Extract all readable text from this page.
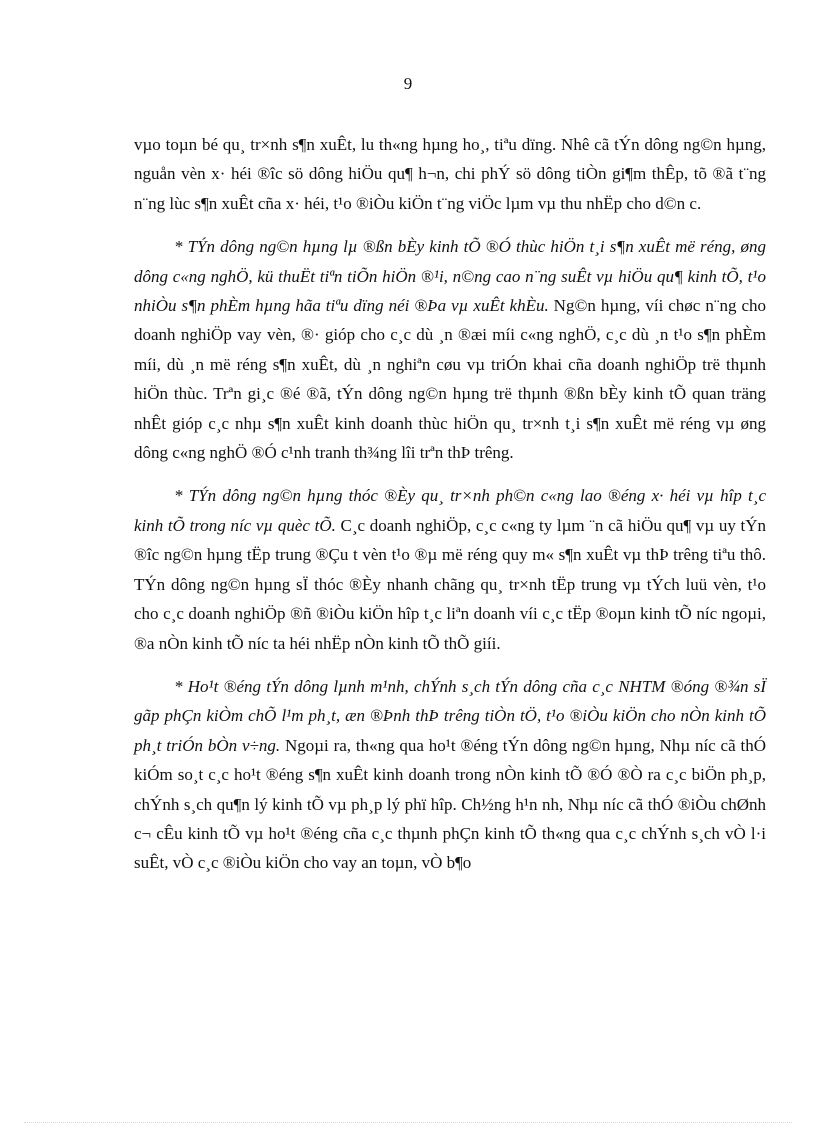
9

vµo toµn bé qu¸ tr×nh s¶n xuÊt, lu th«ng hµng ho¸, tiªu dïng. Nhê cã tÝn dông ng©n hµng, nguån vèn x· héi ®îc sö dông hiÖu qu¶ h¬n, chi phÝ sö dông tiÒn gi¶m thÊp, tõ ®ã t¨ng n¨ng lùc s¶n xuÊt cña x· héi, t¹o ®iÒu kiÖn t¨ng viÖc lµm vµ thu nhËp cho d©n c.

* TÝn dông ng©n hµng lµ ®ßn bÈy kinh tÕ ®Ó thùc hiÖn t¸i s¶n xuÊt më réng, øng dông c«ng nghÖ, kü thuËt tiªn tiÕn hiÖn ®¹i, n©ng cao n¨ng suÊt vµ hiÖu qu¶ kinh tÕ, t¹o nhiÒu s¶n phÈm hµng hãa tiªu dïng néi ®Þa vµ xuÊt khÈu. Ng©n hµng, víi chøc n¨ng cho doanh nghiÖp vay vèn, ®· gióp cho c¸c dù ¸n ®æi míi c«ng nghÖ, c¸c dù ¸n t¹o s¶n phÈm míi, dù ¸n më réng s¶n xuÊt, dù ¸n nghiªn cøu vµ triÓn khai cña doanh nghiÖp trë thµnh hiÖn thùc. Trªn gi¸c ®é ®ã, tÝn dông ng©n hµng trë thµnh ®ßn bÈy kinh tÕ quan träng nhÊt gióp c¸c nhµ s¶n xuÊt kinh doanh thùc hiÖn qu¸ tr×nh t¸i s¶n xuÊt më réng vµ øng dông c«ng nghÖ ®Ó c¹nh tranh th¾ng lîi trªn thÞ trêng.

* TÝn dông ng©n hµng thóc ®Èy qu¸ tr×nh ph©n c«ng lao ®éng x· héi vµ hîp t¸c kinh tÕ trong níc vµ quèc tÕ. C¸c doanh nghiÖp, c¸c c«ng ty lµm ¨n cã hiÖu qu¶ vµ uy tÝn ®îc ng©n hµng tËp trung ®Çu t vèn t¹o ®µ më réng quy m« s¶n xuÊt vµ thÞ trêng tiªu thô. TÝn dông ng©n hµng sÏ thóc ®Èy nhanh chãng qu¸ tr×nh tËp trung vµ tÝch luü vèn, t¹o cho c¸c doanh nghiÖp ®ñ ®iÒu kiÖn hîp t¸c liªn doanh víi c¸c tËp ®oµn kinh tÕ níc ngoµi, ®a nÒn kinh tÕ níc ta héi nhËp nÒn kinh tÕ thÕ giíi.

* Ho¹t ®éng tÝn dông lµnh m¹nh, chÝnh s¸ch tÝn dông cña c¸c NHTM ®óng ®¾n sÏ gãp phÇn kiÒm chÕ l¹m ph¸t, æn ®Þnh thÞ trêng tiÒn tÖ, t¹o ®iÒu kiÖn cho nÒn kinh tÕ ph¸t triÓn bÒn v÷ng. Ngoµi ra, th«ng qua ho¹t ®éng tÝn dông ng©n hµng, Nhµ níc cã thÓ kiÓm so¸t c¸c ho¹t ®éng s¶n xuÊt kinh doanh trong nÒn kinh tÕ ®Ó ®Ò ra c¸c biÖn ph¸p, chÝnh s¸ch qu¶n lý kinh tÕ vµ ph¸p lý phï hîp. Ch½ng h¹n nh, Nhµ níc cã thÓ ®iÒu chØnh c¬ cÊu kinh tÕ vµ ho¹t ®éng cña c¸c thµnh phÇn kinh tÕ th«ng qua c¸c chÝnh s¸ch vÒ l·i suÊt, vÒ c¸c ®iÒu kiÖn cho vay an toµn, vÒ b¶o
